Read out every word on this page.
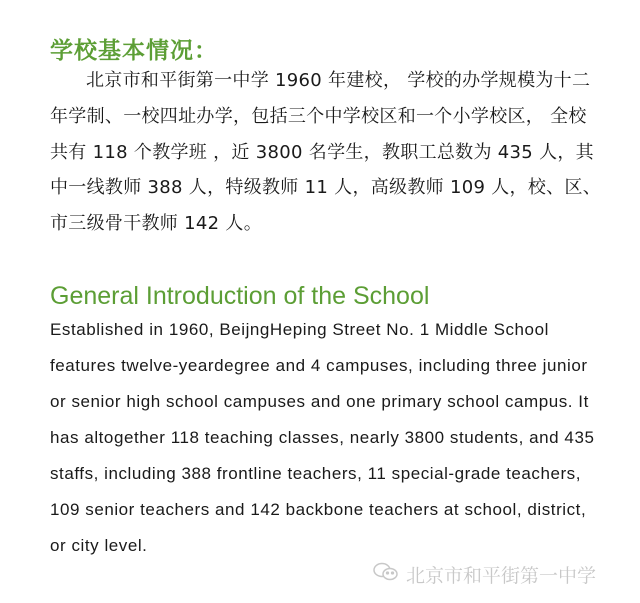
学校基本情况：
北京市和平街第一中学 1960 年建校， 学校的办学规模为十二
年学制、一校四址办学，包括三个中学校区和一个小学校区， 全校
共有 118 个教学班 ，近 3800 名学生，教职工总数为 435 人，其
中一线教师 388 人，特级教师 11 人，高级教师 109 人，校、区、
市三级骨干教师 142 人。
General Introduction of the School
Established in 1960, BeijngHeping Street No. 1 Middle School
features twelve-yeardegree and 4 campuses, including three junior
or senior high school campuses and one primary school campus. It
has altogether 118 teaching classes, nearly 3800 students, and 435
staffs, including 388 frontline teachers, 11 special-grade teachers,
109 senior teachers and 142 backbone teachers at school, district,
or city level.
北京市和平街第一中学
